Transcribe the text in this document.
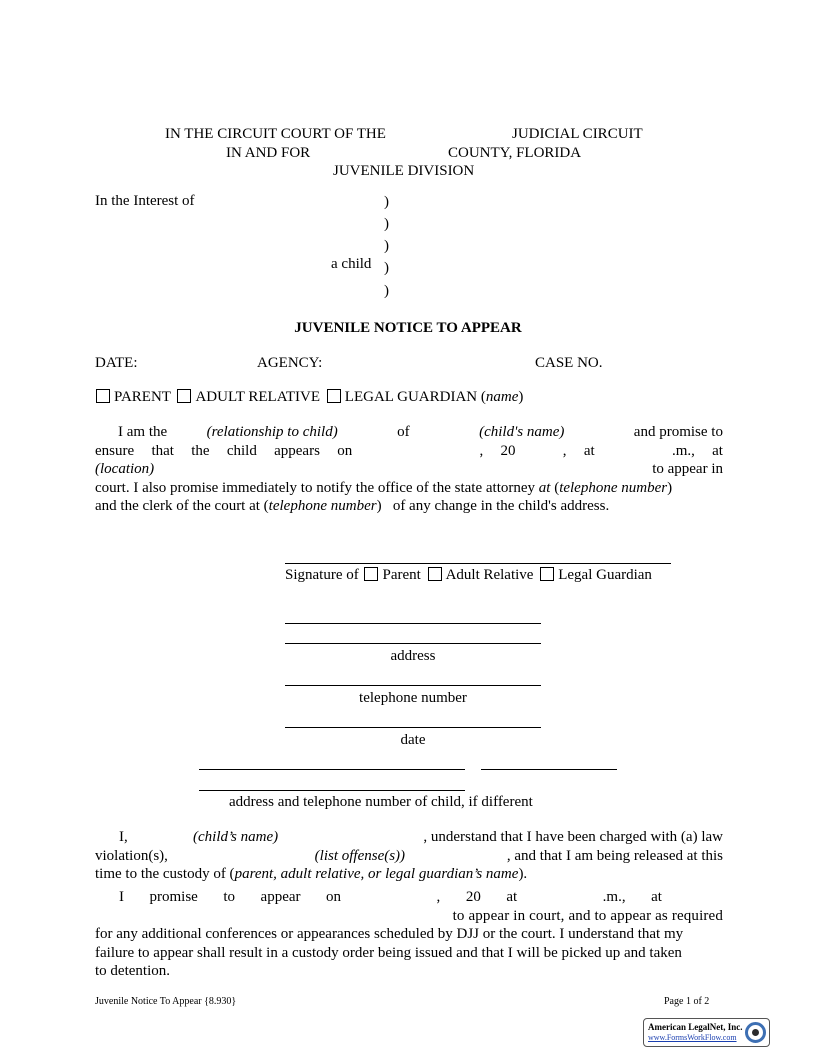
IN THE CIRCUIT COURT OF THE	JUDICIAL CIRCUIT
IN AND FOR	COUNTY, FLORIDA
JUVENILE DIVISION
In the Interest of	)
)
)
a child )
)
JUVENILE NOTICE TO APPEAR
DATE:	AGENCY:	CASE NO.
PARENT ADULT RELATIVE LEGAL GUARDIAN (name)
I am the	(relationship to child)	of	(child's name)	and promise to
ensure that the child appears on	, 20	, at	.m., at
(location)	to appear in
court. I also promise immediately to notify the office of the state attorney
at
( telephone number )
and the clerk of the court at ( telephone number )
of any change in the child's address.
Signature of Parent Adult Relative Legal Guardian
address
telephone number
date
address and telephone number of child, if different
I,	(child’s name)	, understand that I have been charged with (a) law
violation(s),	(list offense(s))	, and that I am being released at this
time to the custody of ( parent, adult relative, or legal guardian’s name ).
I promise to appear on	, 20 at	.m., at
to appear in court, and to appear as required
for any additional conferences or appearances scheduled by DJJ or the court. I understand that my
failure to appear shall result in a custody order being issued and that I will be picked up and taken
to detention.
Juvenile Notice To Appear {8.930}	Page 1 of 2
American LegalNet, Inc.
www.FormsWorkFlow.com
